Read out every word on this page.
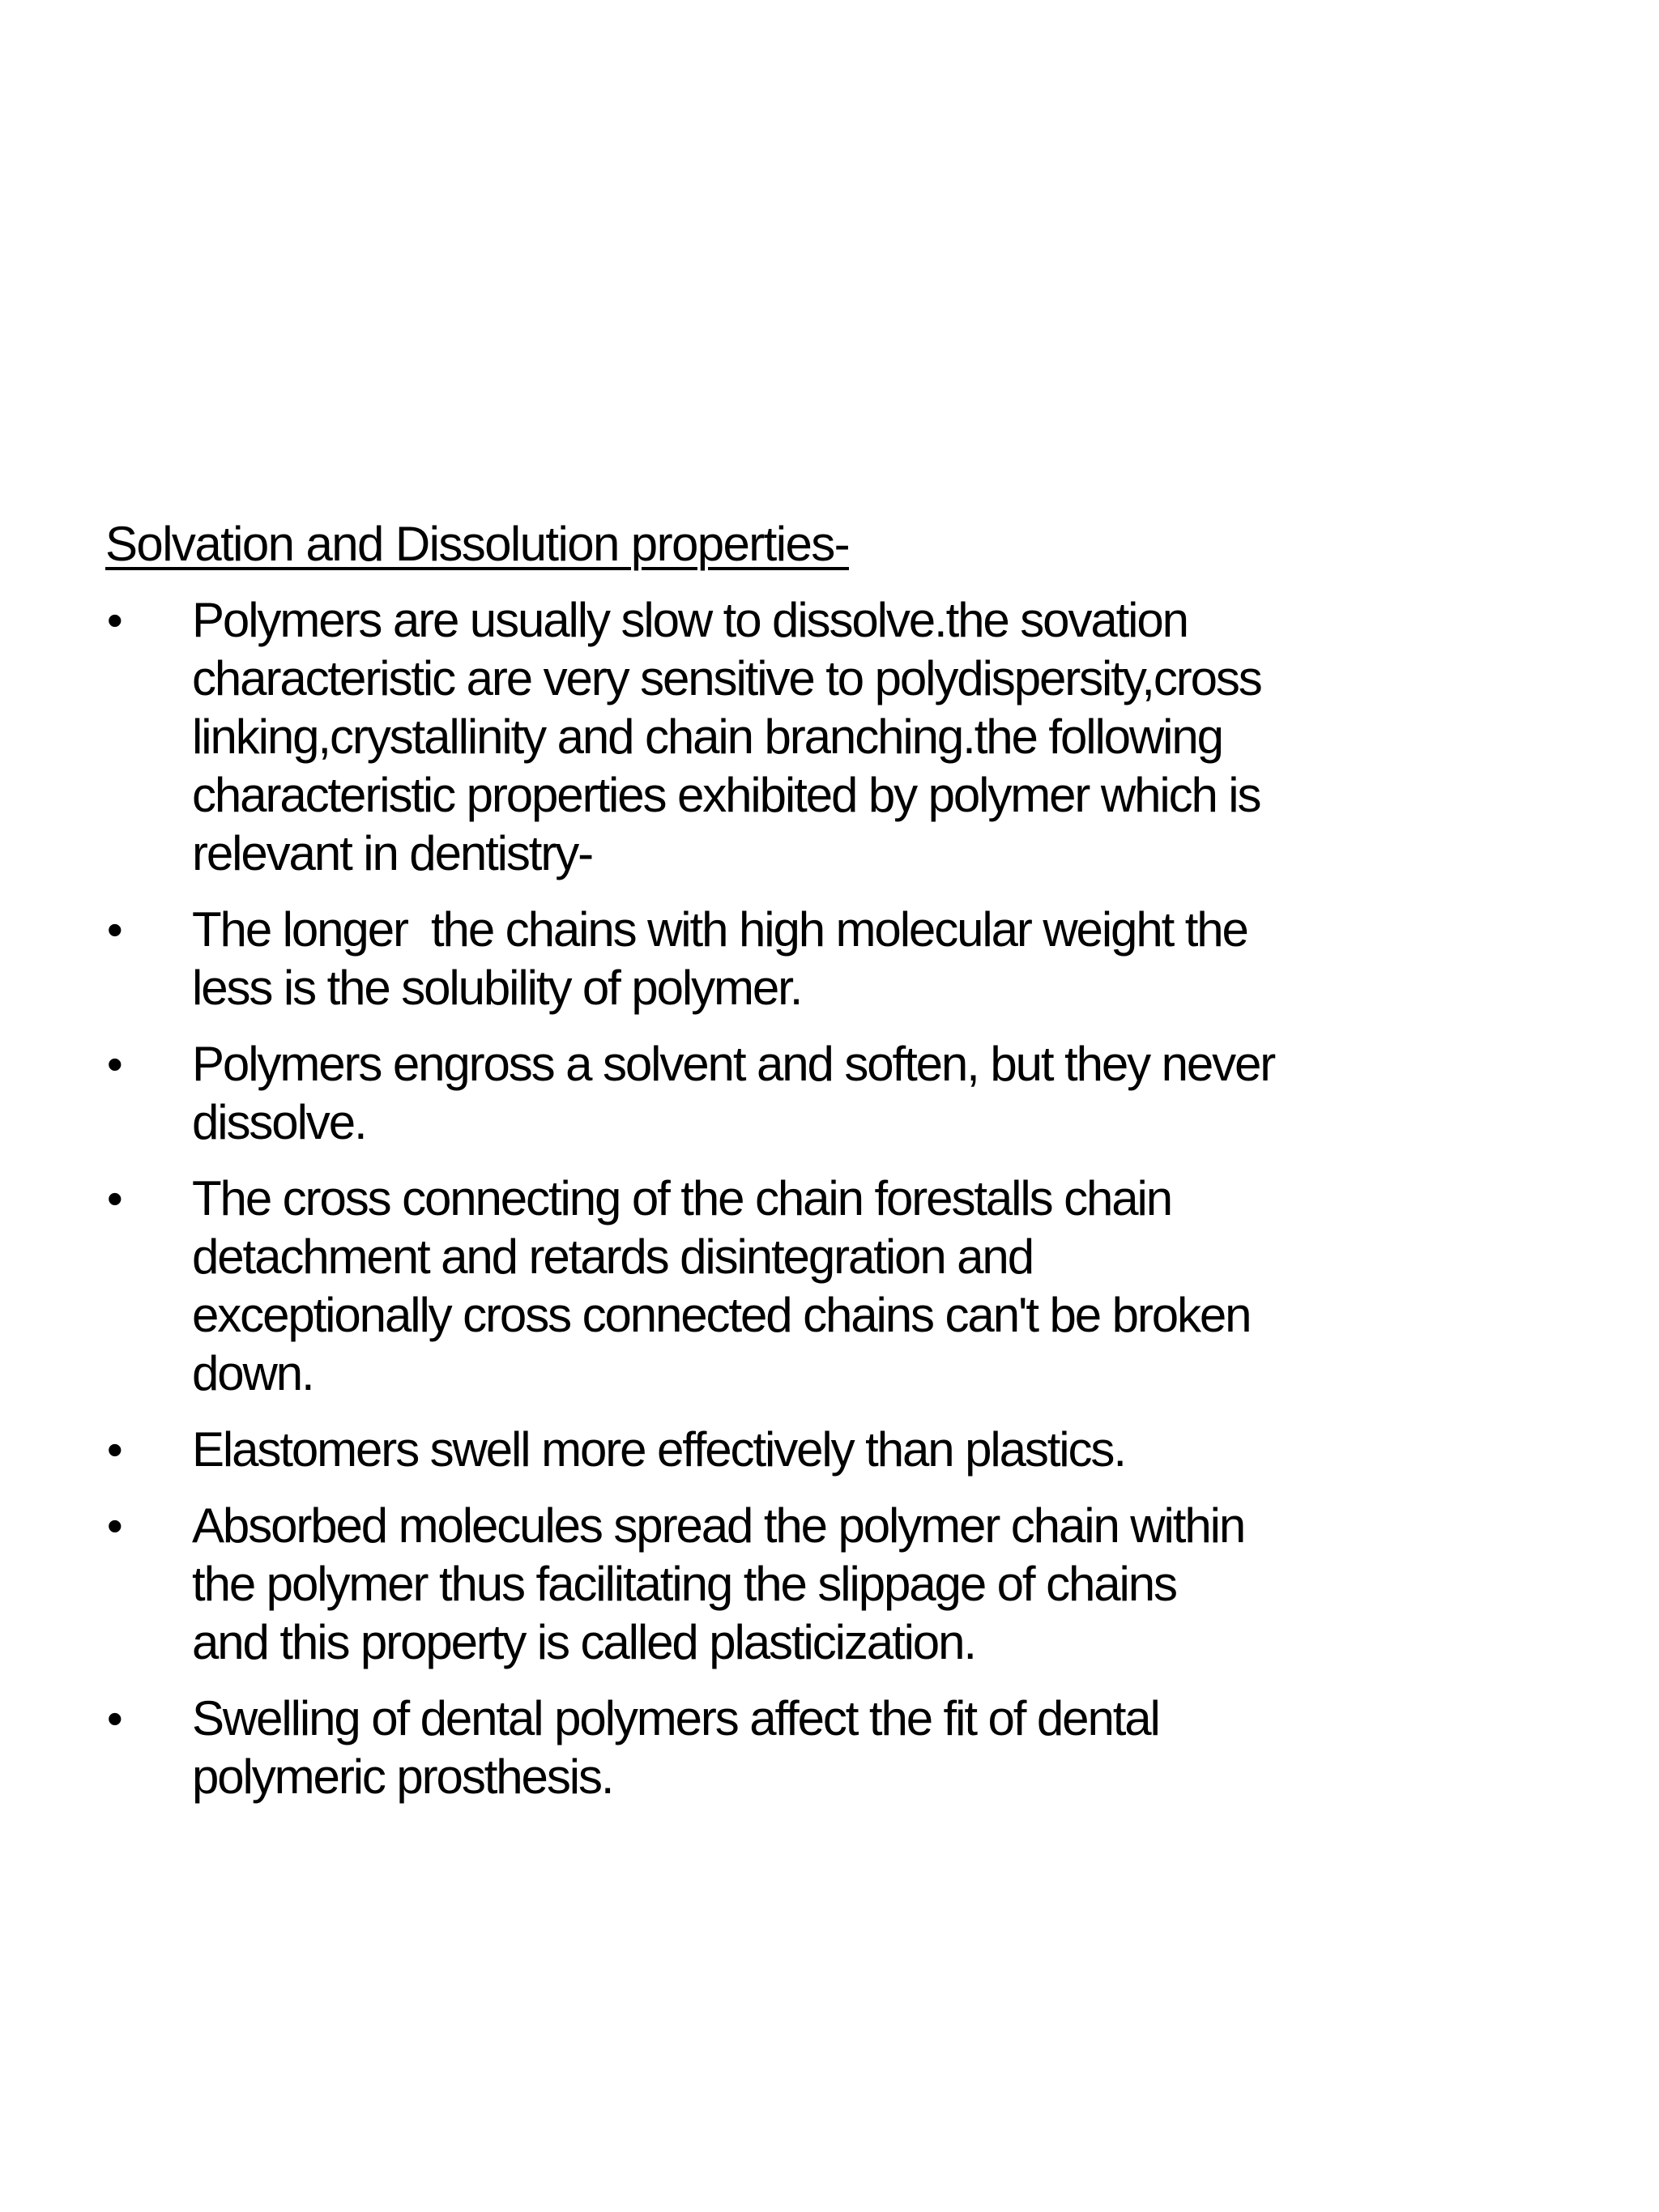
Solvation and Dissolution properties-
• Polymers are usually slow to dissolve.the sovation
characteristic are very sensitive to polydispersity,cross
linking,crystallinity and chain branching.the following
characteristic properties exhibited by polymer which is
relevant in dentistry-
• The longer  the chains with high molecular weight the
less is the solubility of polymer.
• Polymers engross a solvent and soften, but they never
dissolve.
• The cross connecting of the chain forestalls chain
detachment and retards disintegration and
exceptionally cross connected chains can't be broken
down.
• Elastomers swell more effectively than plastics.
• Absorbed molecules spread the polymer chain within
the polymer thus facilitating the slippage of chains
and this property is called plasticization.
• Swelling of dental polymers affect the fit of dental
polymeric prosthesis.
